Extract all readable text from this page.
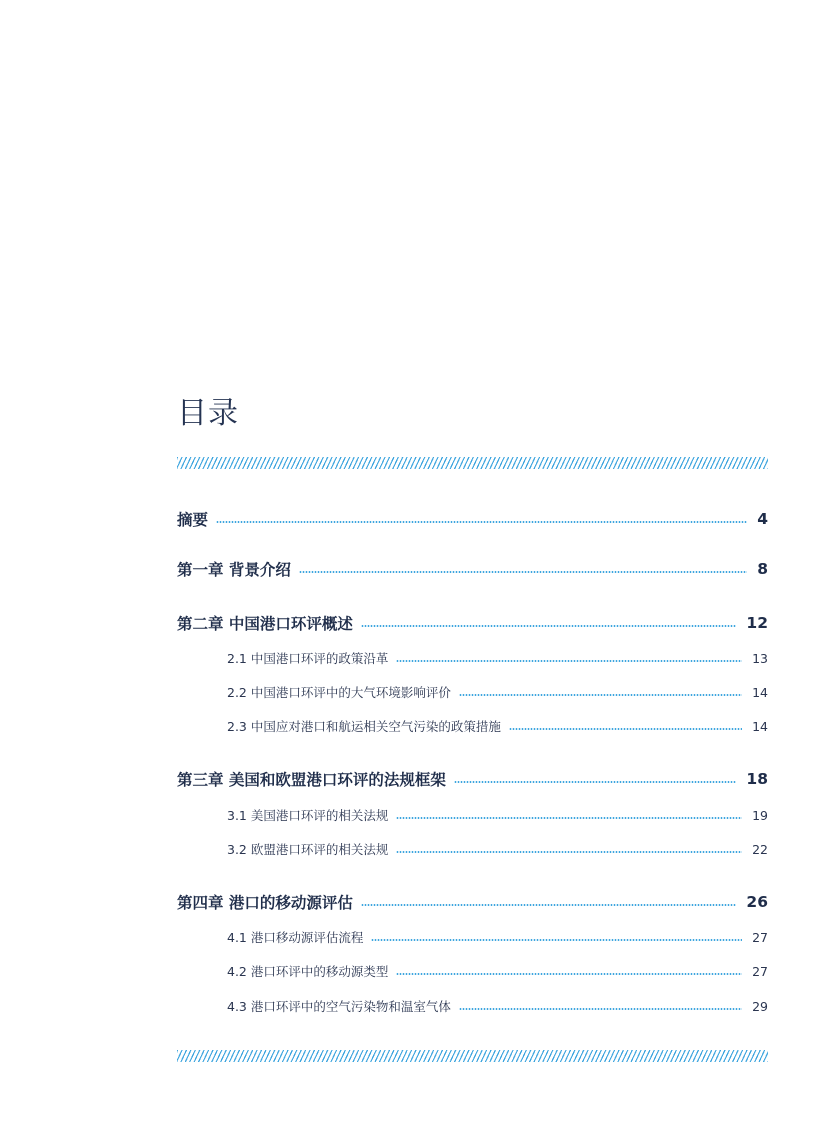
目录
摘要	4
第一章 背景介绍	8
第二章 中国港口环评概述	12
2.1 中国港口环评的政策沿革	13
2.2 中国港口环评中的大气环境影响评价	14
2.3 中国应对港口和航运相关空气污染的政策措施	14
第三章 美国和欧盟港口环评的法规框架	18
3.1 美国港口环评的相关法规	19
3.2 欧盟港口环评的相关法规	22
第四章 港口的移动源评估	26
4.1 港口移动源评估流程	27
4.2 港口环评中的移动源类型	27
4.3 港口环评中的空气污染物和温室气体	29
